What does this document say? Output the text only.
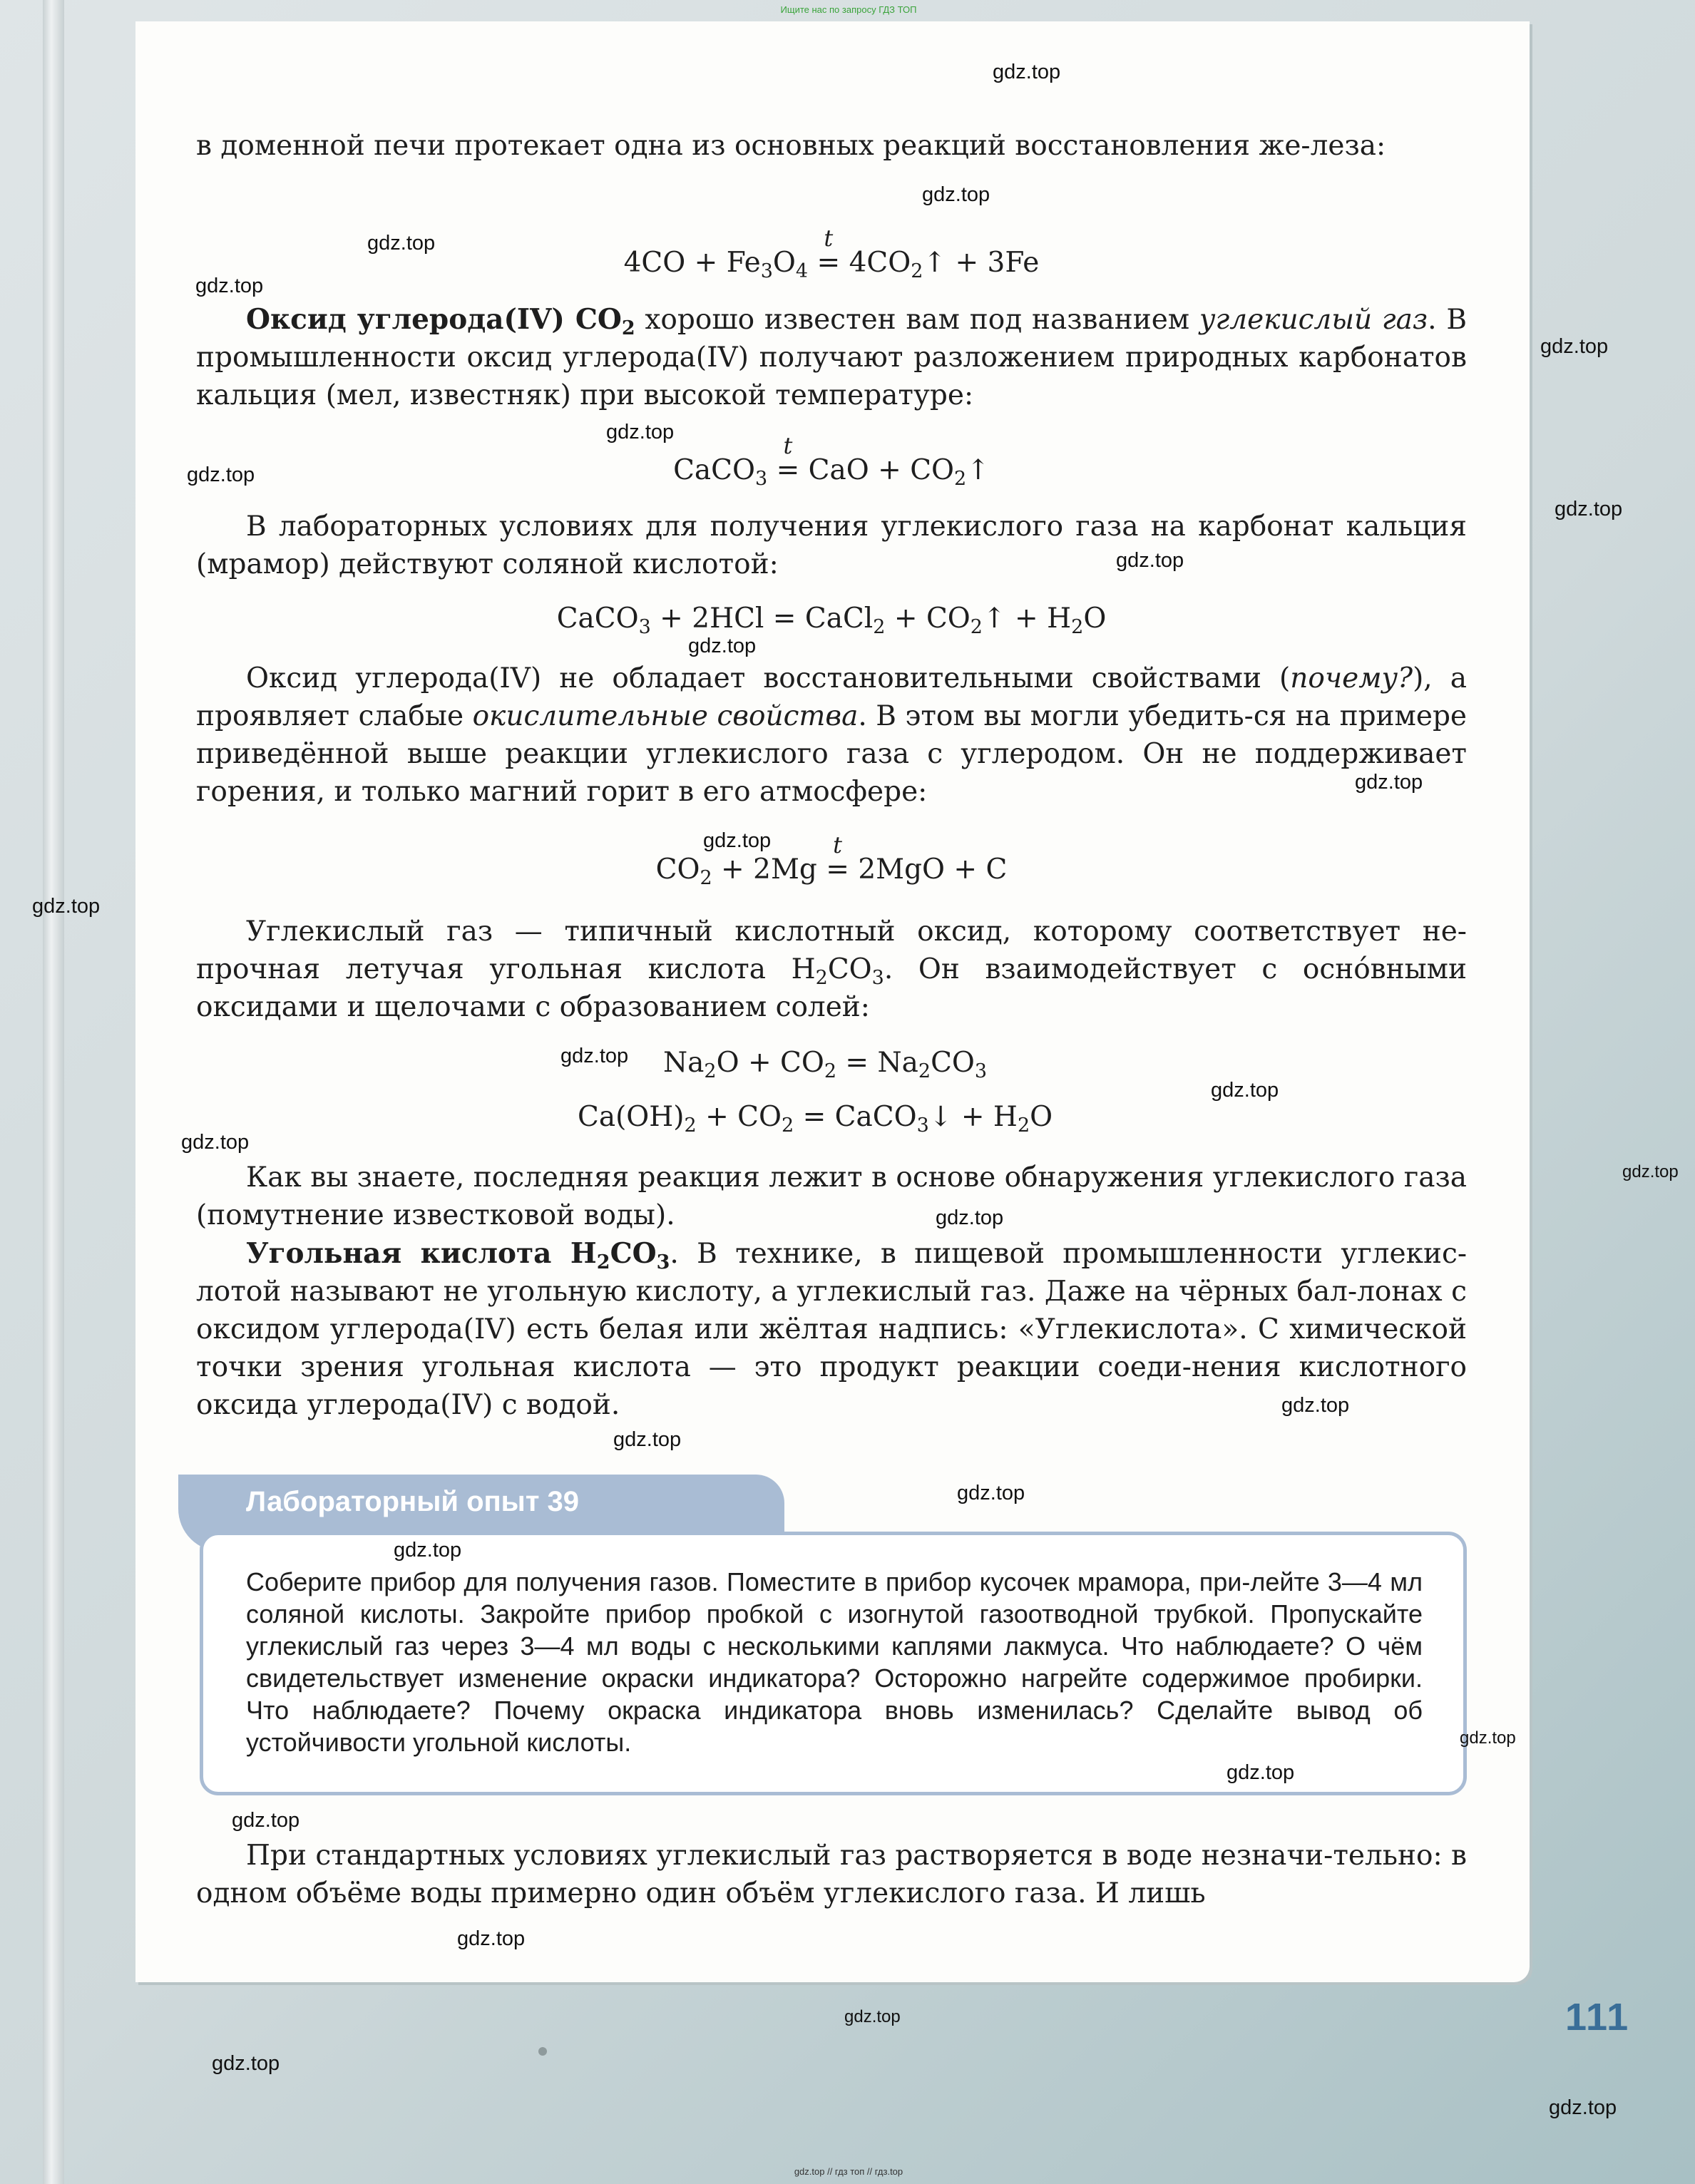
Ищите нас по запросу ГДЗ ТОП
в доменной печи протекает одна из основных реакций восстановления же-леза:
$4CO + Fe_3O_4$ =
t
$4CO_2↑ + 3Fe$
Оксид углерода(IV) $CO_2$ хорошо известен вам под названием углекислый газ. В промышленности оксид углерода(IV) получают разложением природных карбонатов кальция (мел, известняк) при высокой температуре:
CaCO$_3$ =
t
CaO + $CO_2↑$
В лабораторных условиях для получения углекислого газа на карбонат кальция (мрамор) действуют соляной кислотой:
CaCO$_3$ + 2HCl = CaCl$_2$ + $CO_2↑ + H_2O$
Оксид углерода(IV) не обладает восстановительными свойствами (почему?), а проявляет слабые окислительные свойства. В этом вы могли убедить-ся на примере приведённой выше реакции углекислого газа с углеродом. Он не поддерживает горения, и только магний горит в его атмосфере:
$CO_2 + 2Mg$ =
t
2MgO + C
Углекислый газ — типичный кислотный оксид, которому соответствует не-прочная летучая угольная кислота $H_2CO_3$. Он взаимодействует с оснóвными оксидами и щелочами с образованием солей:
$Na_2O + CO_2 = Na_2CO_3$
$Ca(OH)_2 + CO_2$ = CaCO$_3$↓ + $H_2O$
Как вы знаете, последняя реакция лежит в основе обнаружения углекислого газа (помутнение известковой воды).
Угольная кислота $H_2CO_3$. В технике, в пищевой промышленности углекис-лотой называют не угольную кислоту, а углекислый газ. Даже на чёрных бал-лонах с оксидом углерода(IV) есть белая или жёлтая надпись: «Углекислота». С химической точки зрения угольная кислота — это продукт реакции соеди-нения кислотного оксида углерода(IV) с водой.
Лабораторный опыт 39
Соберите прибор для получения газов. Поместите в прибор кусочек мрамора, при-лейте 3—4 мл соляной кислоты. Закройте прибор пробкой с изогнутой газоотводной трубкой. Пропускайте углекислый газ через 3—4 мл воды с несколькими каплями лакмуса. Что наблюдаете? О чём свидетельствует изменение окраски индикатора? Осторожно нагрейте содержимое пробирки. Что наблюдаете? Почему окраска индикатора вновь изменилась? Сделайте вывод об устойчивости угольной кислоты.
При стандартных условиях углекислый газ растворяется в воде незначи-тельно: в одном объёме воды примерно один объём углекислого газа. И лишь
111
gdz.top
gdz.top
gdz.top
gdz.top
gdz.top
gdz.top
gdz.top
gdz.top
gdz.top
gdz.top
gdz.top
gdz.top
gdz.top
gdz.top
gdz.top
gdz.top
gdz.top
gdz.top
gdz.top
gdz.top
gdz.top
gdz.top
gdz.top
gdz.top
gdz.top
gdz.top
gdz.top
gdz.top
gdz.top
gdz.top // гдз топ // гдз.top
